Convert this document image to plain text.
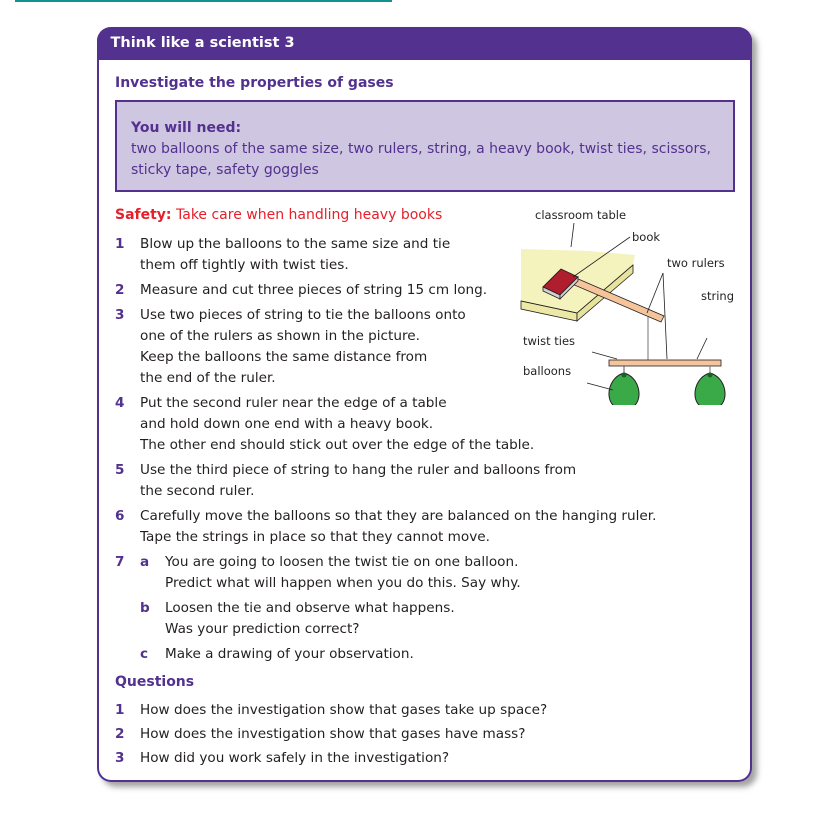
Think like a scientist 3
Investigate the properties of gases
You will need:
two balloons of the same size, two rulers, string, a heavy book, twist ties, scissors, sticky tape, safety goggles
Safety: Take care when handling heavy books
1 Blow up the balloons to the same size and tie
them off tightly with twist ties.
2 Measure and cut three pieces of string 15 cm long.
3 Use two pieces of string to tie the balloons onto
one of the rulers as shown in the picture.
Keep the balloons the same distance from
the end of the ruler.
4 Put the second ruler near the edge of a table
and hold down one end with a heavy book.
The other end should stick out over the edge of the table.
5 Use the third piece of string to hang the ruler and balloons from
the second ruler.
6 Carefully move the balloons so that they are balanced on the hanging ruler.
Tape the strings in place so that they cannot move.
7 a You are going to loosen the twist tie on one balloon.
Predict what will happen when you do this. Say why.
b Loosen the tie and observe what happens.
Was your prediction correct?
c Make a drawing of your observation.
Questions
1 How does the investigation show that gases take up space?
2 How does the investigation show that gases have mass?
3 How did you work safely in the investigation?
classroom table
book
two rulers
string
twist ties
balloons
